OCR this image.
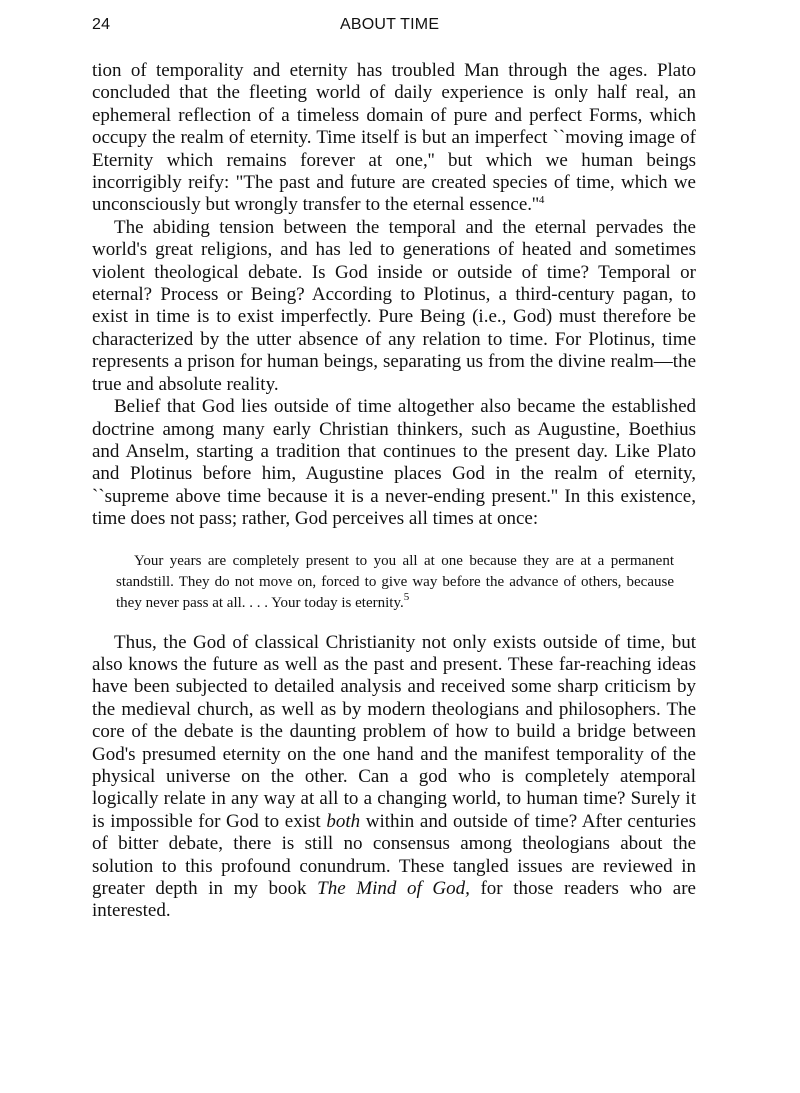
24	ABOUT TIME

tion of temporality and eternity has troubled Man through the ages. Plato concluded that the fleeting world of daily experience is only half real, an ephemeral reflection of a timeless domain of pure and perfect Forms, which occupy the realm of eternity. Time itself is but an imperfect ``moving image of Eternity which remains forever at one,'' but which we human beings incorrigibly reify: "The past and future are created species of time, which we unconsciously but wrongly transfer to the eternal essence.''$^4$

The abiding tension between the temporal and the eternal pervades the world's great religions, and has led to generations of heated and sometimes violent theological debate. Is God inside or outside of time? Temporal or eternal? Process or Being? According to Plotinus, a third-century pagan, to exist in time is to exist imperfectly. Pure Being (i.e., God) must therefore be characterized by the utter absence of any relation to time. For Plotinus, time represents a prison for human beings, separating us from the divine realm—the true and absolute reality.

Belief that God lies outside of time altogether also became the established doctrine among many early Christian thinkers, such as Augustine, Boethius and Anselm, starting a tradition that continues to the present day. Like Plato and Plotinus before him, Augustine places God in the realm of eternity, ``supreme above time because it is a never-ending present.'' In this existence, time does not pass; rather, God perceives all times at once:

Your years are completely present to you all at one because they are at a permanent standstill. They do not move on, forced to give way before the advance of others, because they never pass at all. . . . Your today is eternity.$^5$

Thus, the God of classical Christianity not only exists outside of time, but also knows the future as well as the past and present. These far-reaching ideas have been subjected to detailed analysis and received some sharp criticism by the medieval church, as well as by modern theologians and philosophers. The core of the debate is the daunting problem of how to build a bridge between God's presumed eternity on the one hand and the manifest temporality of the physical universe on the other. Can a god who is completely atemporal logically relate in any way at all to a changing world, to human time? Surely it is impossible for God to exist both within and outside of time? After centuries of bitter debate, there is still no consensus among theologians about the solution to this profound conundrum. These tangled issues are reviewed in greater depth in my book The Mind of God, for those readers who are interested.
